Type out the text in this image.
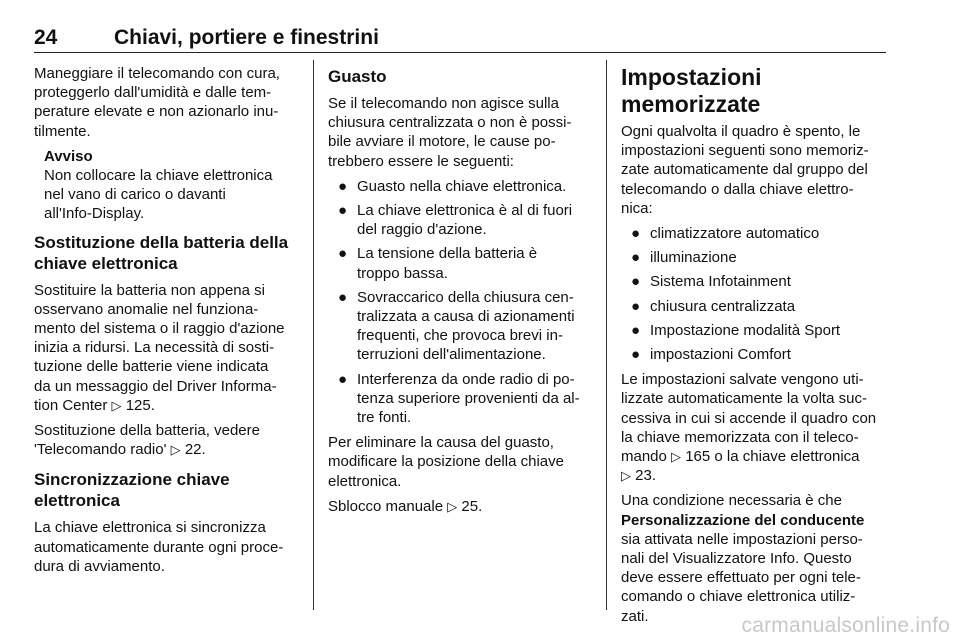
24	Chiavi, portiere e finestrini

Maneggiare il telecomando con cura,
proteggerlo dall'umidità e dalle tem-
perature elevate e non azionarlo inu-
tilmente.

Avviso
Non collocare la chiave elettronica
nel vano di carico o davanti
all'Info-Display.
Sostituzione della batteria della
chiave elettronica

Sostituire la batteria non appena si
osservano anomalie nel funziona-
mento del sistema o il raggio d'azione
inizia a ridursi. La necessità di sosti-
tuzione delle batterie viene indicata
da un messaggio del Driver Informa-
tion Center ▷ 125.

Sostituzione della batteria, vedere
'Telecomando radio' ▷ 22.

Sincronizzazione chiave
elettronica

La chiave elettronica si sincronizza
automaticamente durante ogni proce-
dura di avviamento.

Guasto

Se il telecomando non agisce sulla
chiusura centralizzata o non è possi-
bile avviare il motore, le cause po-
trebbero essere le seguenti:

● Guasto nella chiave elettronica.
● La chiave elettronica è al di fuori
del raggio d'azione.
● La tensione della batteria è
troppo bassa.
● Sovraccarico della chiusura cen-
tralizzata a causa di azionamenti
frequenti, che provoca brevi in-
terruzioni dell'alimentazione.
● Interferenza da onde radio di po-
tenza superiore provenienti da al-
tre fonti.

Per eliminare la causa del guasto,
modificare la posizione della chiave
elettronica.

Sblocco manuale ▷ 25.

Impostazioni memorizzate

Ogni qualvolta il quadro è spento, le
impostazioni seguenti sono memoriz-
zate automaticamente dal gruppo del
telecomando o dalla chiave elettro-
nica:

● climatizzatore automatico
● illuminazione
● Sistema Infotainment
● chiusura centralizzata
● Impostazione modalità Sport
● impostazioni Comfort

Le impostazioni salvate vengono uti-
lizzate automaticamente la volta suc-
cessiva in cui si accende il quadro con
la chiave memorizzata con il teleco-
mando ▷ 165 o la chiave elettronica
▷ 23.

Una condizione necessaria è che
Personalizzazione del conducente
sia attivata nelle impostazioni perso-
nali del Visualizzatore Info. Questo
deve essere effettuato per ogni tele-
comando o chiave elettronica utiliz-
zati.	carmanualsonline.info
